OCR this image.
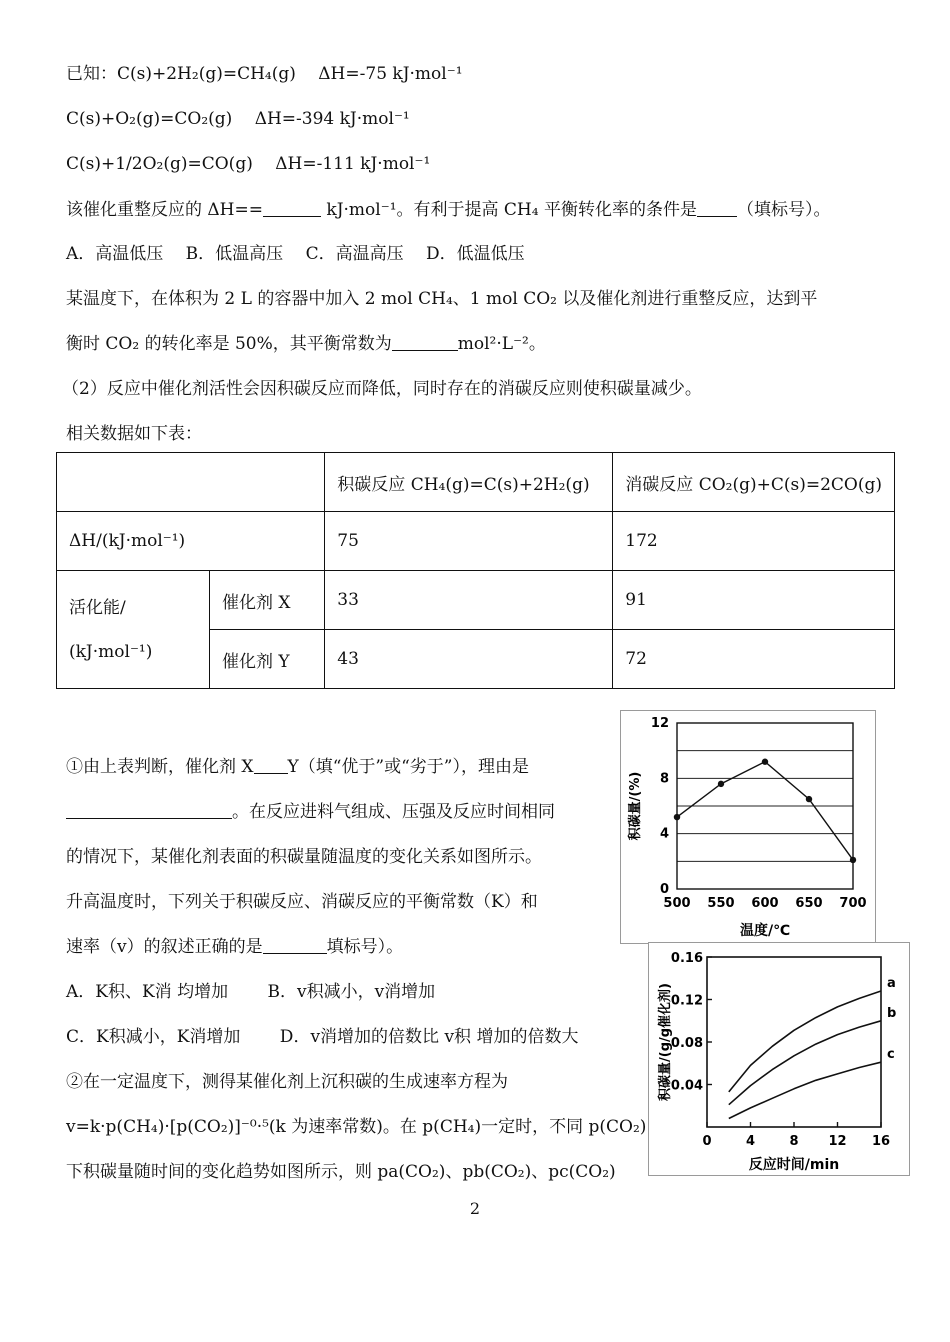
已知：C(s)+2H₂(g)=CH₄(g)　 ΔH=-75 kJ·mol⁻¹
C(s)+O₂(g)=CO₂(g)　 ΔH=-394 kJ·mol⁻¹
C(s)+1/2O₂(g)=CO(g)　 ΔH=-111 kJ·mol⁻¹
该催化重整反应的 ΔH==	kJ·mol⁻¹。有利于提高 CH₄ 平衡转化率的条件是 （填标号）。
A．高温低压　 B．低温高压　 C．高温高压　 D．低温低压
某温度下，在体积为 2 L 的容器中加入 2 mol CH₄、1 mol CO₂ 以及催化剂进行重整反应，达到平
衡时 CO₂ 的转化率是 50%，其平衡常数为	mol²·L⁻²。
（2）反应中催化剂活性会因积碳反应而降低，同时存在的消碳反应则使积碳量减少。
相关数据如下表：
		积碳反应 CH₄(g)=C(s)+2H₂(g)	消碳反应 CO₂(g)+C(s)=2CO(g)
ΔH/(kJ·mol⁻¹)		75	172

活化能/
(kJ·mol⁻¹)	催化剂 X	33	91
	催化剂 Y	43	72
①由上表判断，催化剂 X Y（填“优于”或“劣于”），理由是
。在反应进料气组成、压强及反应时间相同
的情况下，某催化剂表面的积碳量随温度的变化关系如图所示。
升高温度时，下列关于积碳反应、消碳反应的平衡常数（K）和
速率（v）的叙述正确的是	填标号）。
A．K积、K消 均增加　　 B．v积减小，v消增加
C．K积减小，K消增加　　 D．v消增加的倍数比 v积 增加的倍数大
②在一定温度下，测得某催化剂上沉积碳的生成速率方程为
v=k·p(CH₄)·[p(CO₂)]⁻⁰·⁵(k 为速率常数)。在 p(CH₄)一定时，不同 p(CO₂)
下积碳量随时间的变化趋势如图所示，则 pa(CO₂)、pb(CO₂)、pc(CO₂)
2
0
4
8
12
500 550 600 650 700
温度/℃
积碳量/(%)
0.04
0.08
0.12
0.16
0	4	8 12 16
a
b
c
反应时间/min
积碳量/(g/g催化剂)
